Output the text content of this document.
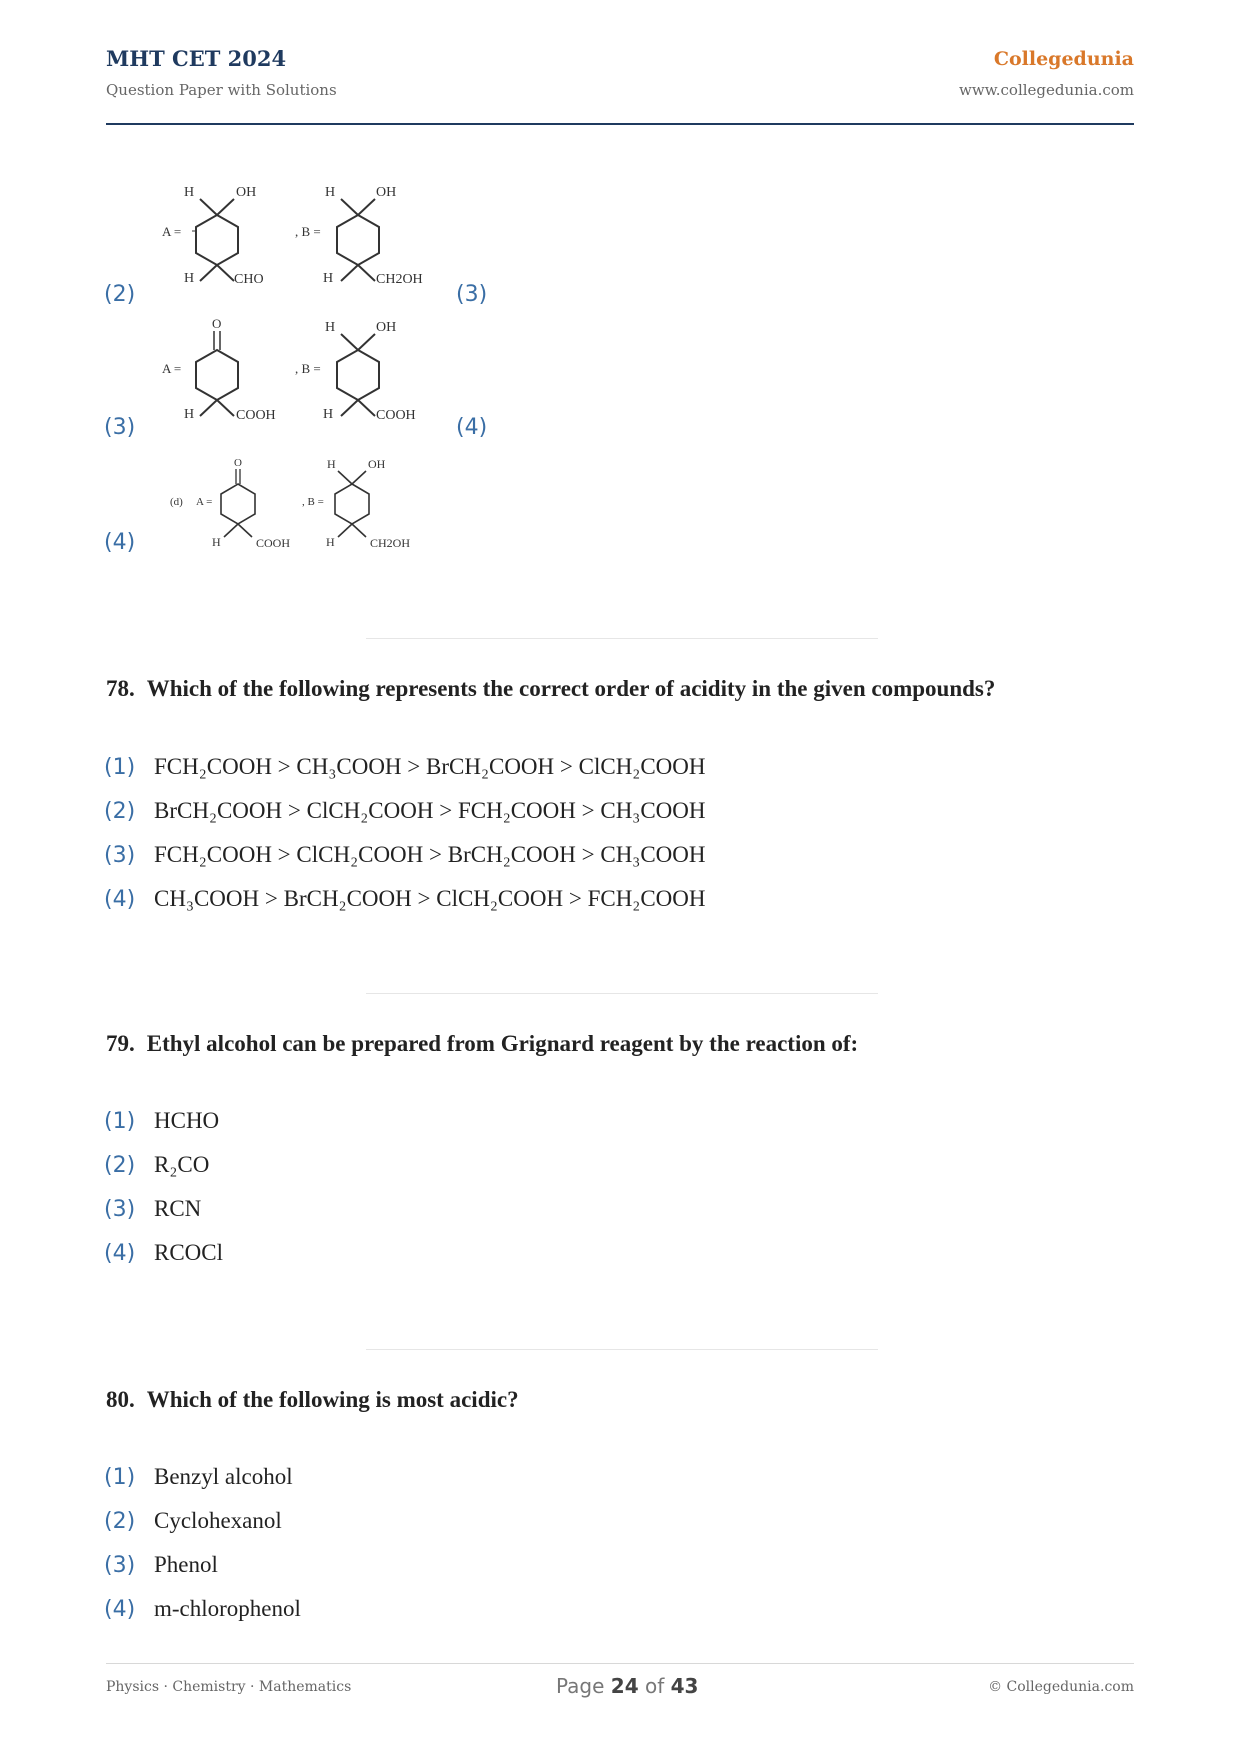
MHT CET 2024
Question Paper with Solutions
Collegedunia
www.collegedunia.com
(2)	(3)
(3)	(4)
(4)
A =
H	OH
H	CHO
, B =
H	OH
H	CH2OH
A =
O
H	COOH
, B =
H	OH
H	COOH
(d) A =
O
H	COOH
, B =
H	OH
H	CH2OH
78. Which of the following represents the correct order of acidity in the given compounds?
(1) FCH₂COOH > CH₃COOH > BrCH₂COOH > ClCH₂COOH
(2) BrCH₂COOH > ClCH₂COOH > FCH₂COOH > CH₃COOH
(3) FCH₂COOH > ClCH₂COOH > BrCH₂COOH > CH₃COOH
(4) CH₃COOH > BrCH₂COOH > ClCH₂COOH > FCH₂COOH
79. Ethyl alcohol can be prepared from Grignard reagent by the reaction of:
(1) HCHO
(2) R₂CO
(3) RCN
(4) RCOCl
80. Which of the following is most acidic?
(1) Benzyl alcohol
(2) Cyclohexanol
(3) Phenol
(4) m-chlorophenol
Physics · Chemistry · Mathematics	Page 24 of 43	© Collegedunia.com
